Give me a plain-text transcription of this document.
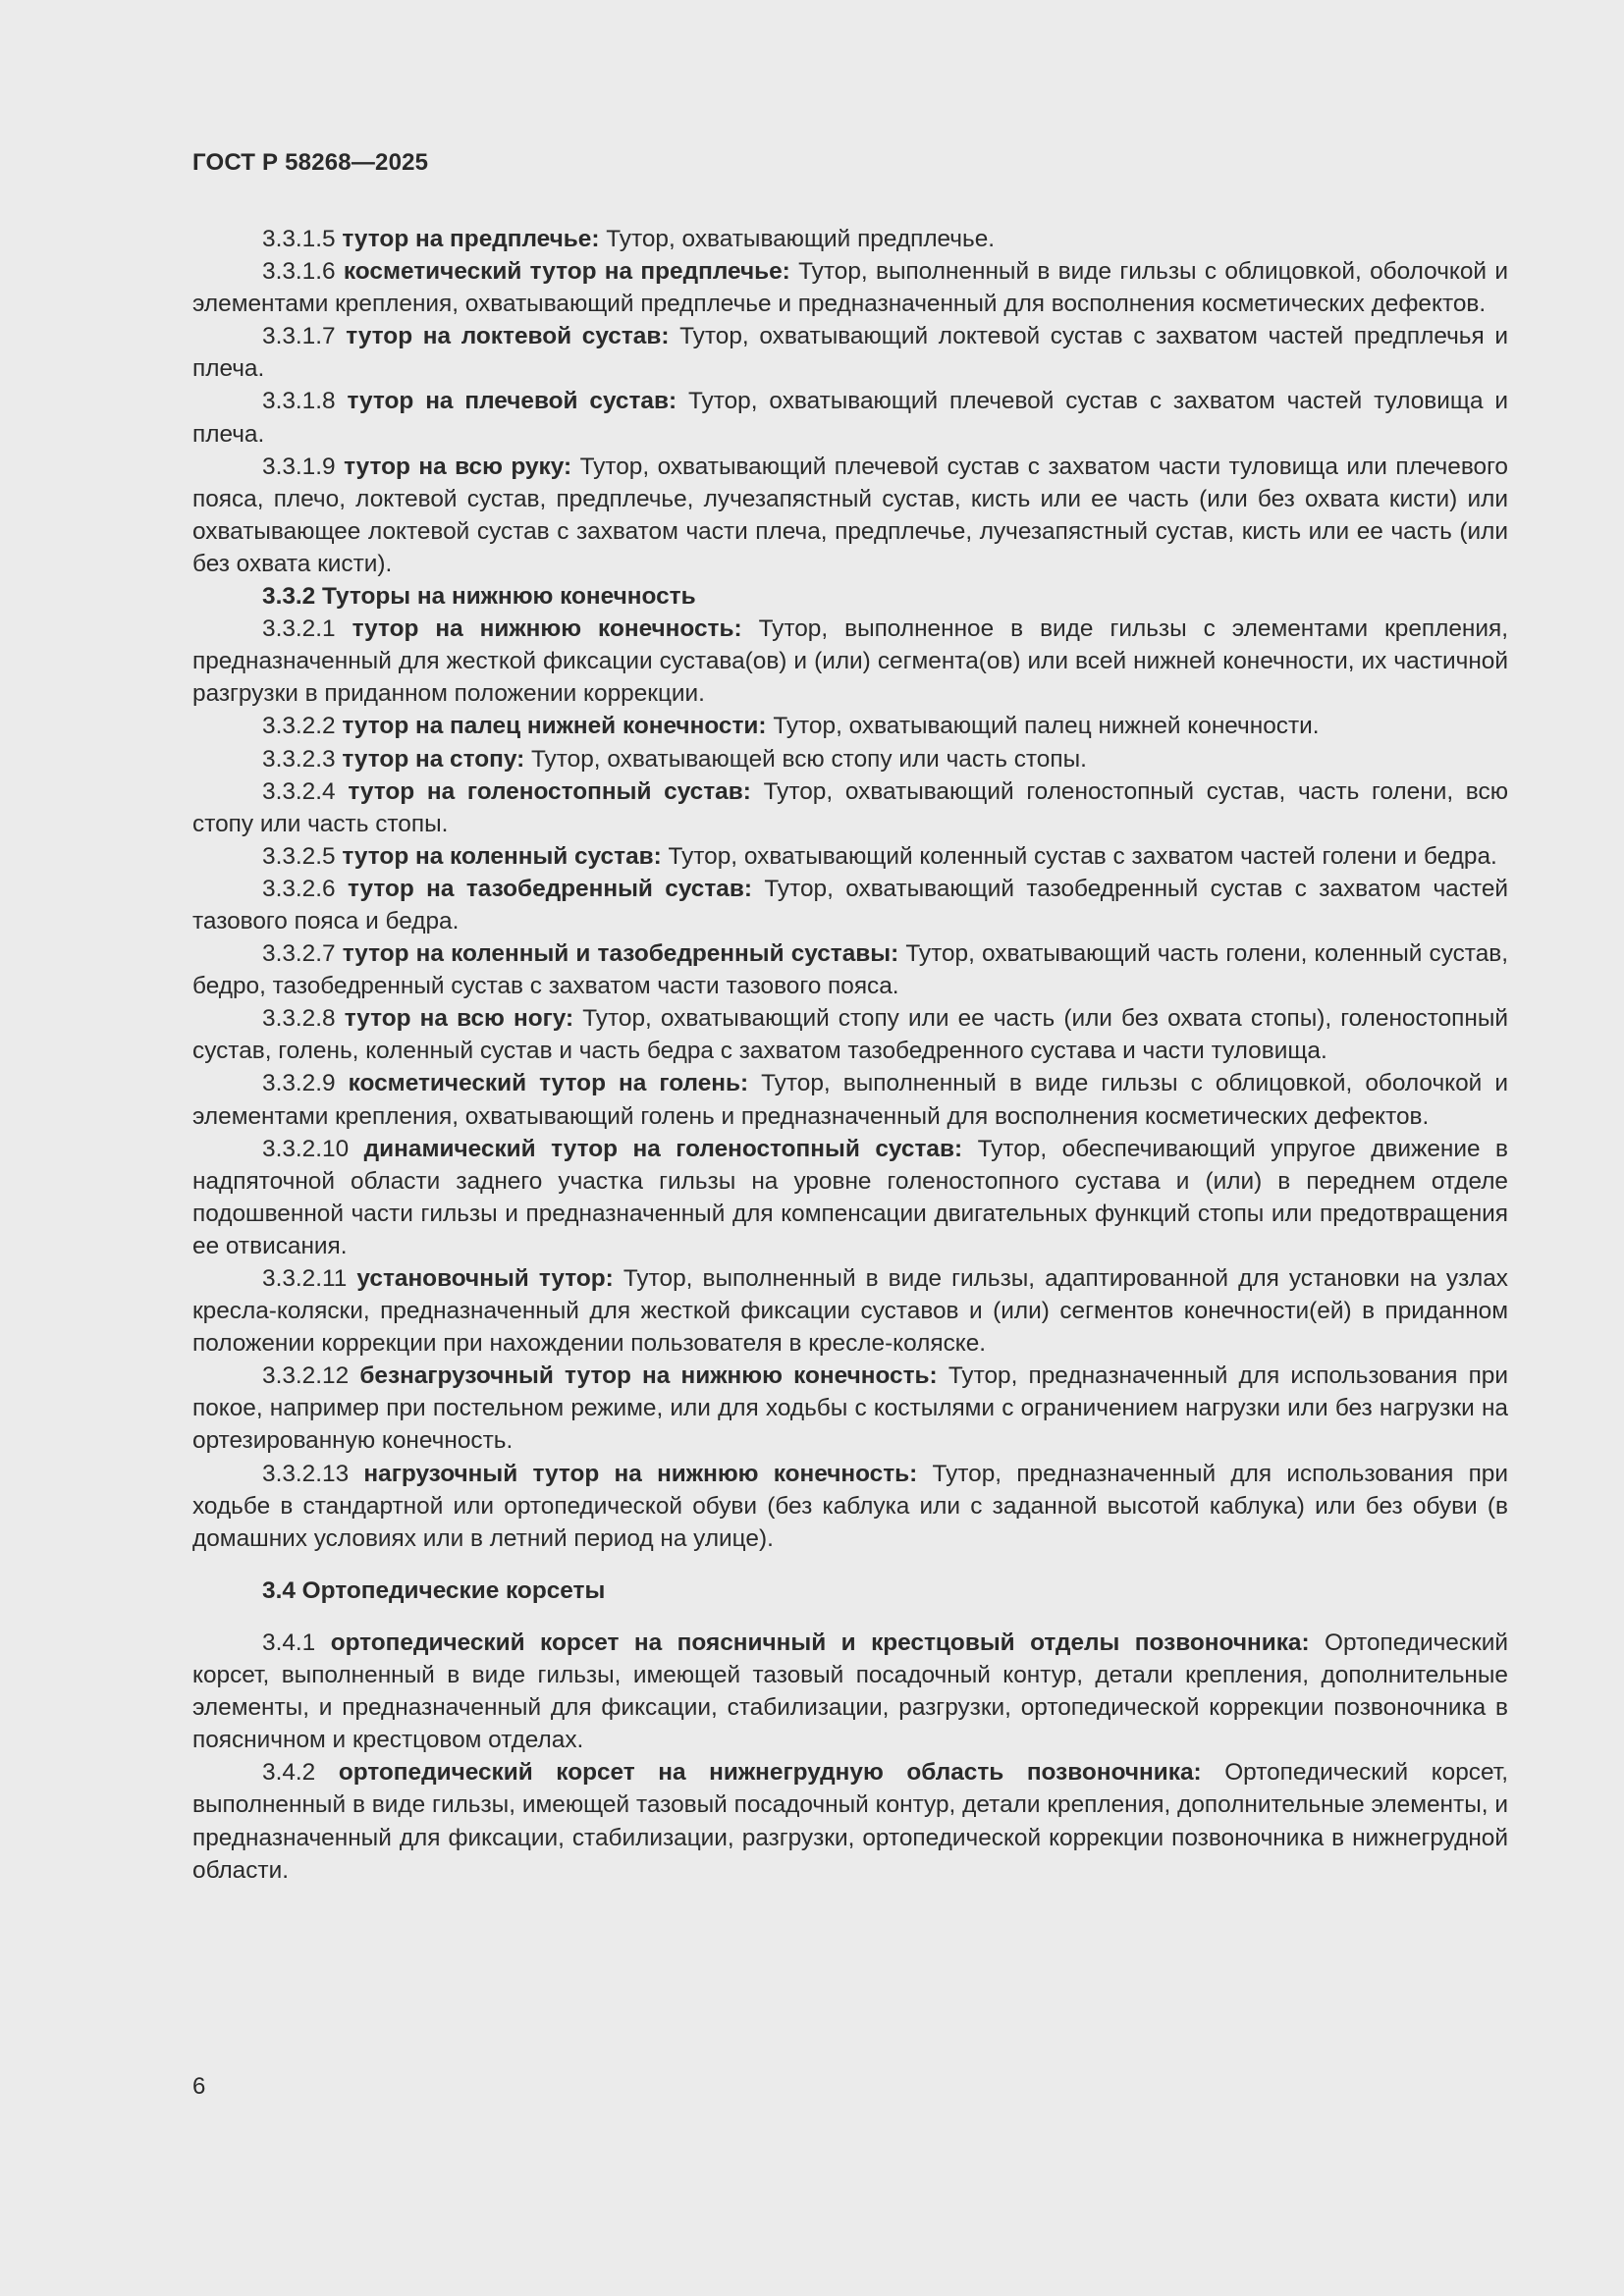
ГОСТ Р 58268—2025

3.3.1.5 тутор на предплечье: Тутор, охватывающий предплечье.

3.3.1.6 косметический тутор на предплечье: Тутор, выполненный в виде гильзы с облицовкой, оболочкой и элементами крепления, охватывающий предплечье и предназначенный для восполнения косметических дефектов.

3.3.1.7 тутор на локтевой сустав: Тутор, охватывающий локтевой сустав с захватом частей предплечья и плеча.

3.3.1.8 тутор на плечевой сустав: Тутор, охватывающий плечевой сустав с захватом частей туловища и плеча.

3.3.1.9 тутор на всю руку: Тутор, охватывающий плечевой сустав с захватом части туловища или плечевого пояса, плечо, локтевой сустав, предплечье, лучезапястный сустав, кисть или ее часть (или без охвата кисти) или охватывающее локтевой сустав с захватом части плеча, предплечье, лучезапястный сустав, кисть или ее часть (или без охвата кисти).

3.3.2 Туторы на нижнюю конечность

3.3.2.1 тутор на нижнюю конечность: Тутор, выполненное в виде гильзы с элементами крепления, предназначенный для жесткой фиксации сустава(ов) и (или) сегмента(ов) или всей нижней конечности, их частичной разгрузки в приданном положении коррекции.

3.3.2.2 тутор на палец нижней конечности: Тутор, охватывающий палец нижней конечности.

3.3.2.3 тутор на стопу: Тутор, охватывающей всю стопу или часть стопы.

3.3.2.4 тутор на голеностопный сустав: Тутор, охватывающий голеностопный сустав, часть голени, всю стопу или часть стопы.

3.3.2.5 тутор на коленный сустав: Тутор, охватывающий коленный сустав с захватом частей голени и бедра.

3.3.2.6 тутор на тазобедренный сустав: Тутор, охватывающий тазобедренный сустав с захватом частей тазового пояса и бедра.

3.3.2.7 тутор на коленный и тазобедренный суставы: Тутор, охватывающий часть голени, коленный сустав, бедро, тазобедренный сустав с захватом части тазового пояса.

3.3.2.8 тутор на всю ногу: Тутор, охватывающий стопу или ее часть (или без охвата стопы), голеностопный сустав, голень, коленный сустав и часть бедра с захватом тазобедренного сустава и части туловища.

3.3.2.9 косметический тутор на голень: Тутор, выполненный в виде гильзы с облицовкой, оболочкой и элементами крепления, охватывающий голень и предназначенный для восполнения косметических дефектов.

3.3.2.10 динамический тутор на голеностопный сустав: Тутор, обеспечивающий упругое движение в надпяточной области заднего участка гильзы на уровне голеностопного сустава и (или) в переднем отделе подошвенной части гильзы и предназначенный для компенсации двигательных функций стопы или предотвращения ее отвисания.

3.3.2.11 установочный тутор: Тутор, выполненный в виде гильзы, адаптированной для установки на узлах кресла-коляски, предназначенный для жесткой фиксации суставов и (или) сегментов конечности(ей) в приданном положении коррекции при нахождении пользователя в кресле-коляске.

3.3.2.12 безнагрузочный тутор на нижнюю конечность: Тутор, предназначенный для использования при покое, например при постельном режиме, или для ходьбы с костылями с ограничением нагрузки или без нагрузки на ортезированную конечность.

3.3.2.13 нагрузочный тутор на нижнюю конечность: Тутор, предназначенный для использования при ходьбе в стандартной или ортопедической обуви (без каблука или с заданной высотой каблука) или без обуви (в домашних условиях или в летний период на улице).

3.4 Ортопедические корсеты

3.4.1 ортопедический корсет на поясничный и крестцовый отделы позвоночника: Ортопедический корсет, выполненный в виде гильзы, имеющей тазовый посадочный контур, детали крепления, дополнительные элементы, и предназначенный для фиксации, стабилизации, разгрузки, ортопедической коррекции позвоночника в поясничном и крестцовом отделах.

3.4.2 ортопедический корсет на нижнегрудную область позвоночника: Ортопедический корсет, выполненный в виде гильзы, имеющей тазовый посадочный контур, детали крепления, дополнительные элементы, и предназначенный для фиксации, стабилизации, разгрузки, ортопедической коррекции позвоночника в нижнегрудной области.

6
